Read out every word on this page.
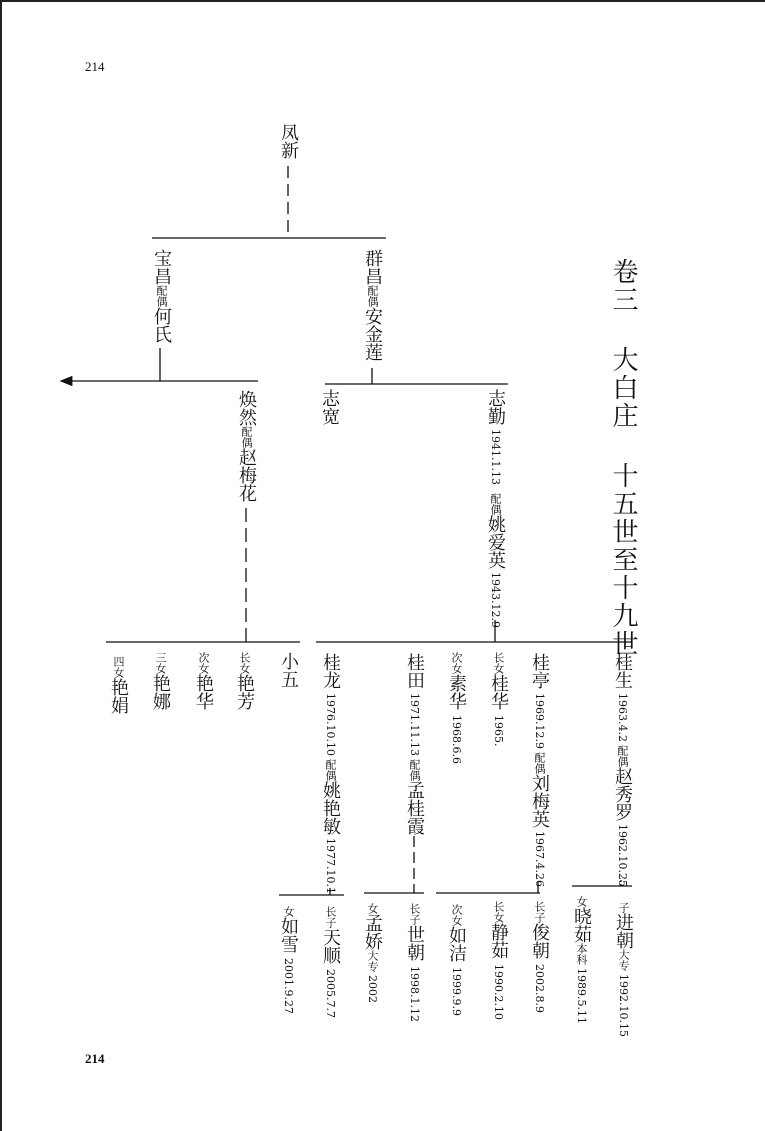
214
214
卷三 大白庄 十五世至十九世
凤新
宝昌配偶何氏
群昌配偶安金莲
焕然配偶赵梅花
志宽	志勤1941.1.13配偶姚爱英1943.12.9
小五
长女艳芳
次女艳华
三女艳娜
四女艳娟
桂龙1976.10.10配偶姚艳敏1977.10.1
桂田1971.11.13配偶孟桂霞
次女素华1968.6.6
长女桂华1965.
桂亭1969.12.9配偶刘梅英1967.4.26
桂生1963.4.2配偶赵秀罗1962.10.25
女如雪2001.9.27
长子天顺2005.7.7
女孟娇大专2002
长子世朝1998.1.12
次女如洁1999.9.9
长女静茹1990.2.10
长子俊朝2002.8.9
女晓茹本科1989.5.11
子进朝大专1992.10.15
